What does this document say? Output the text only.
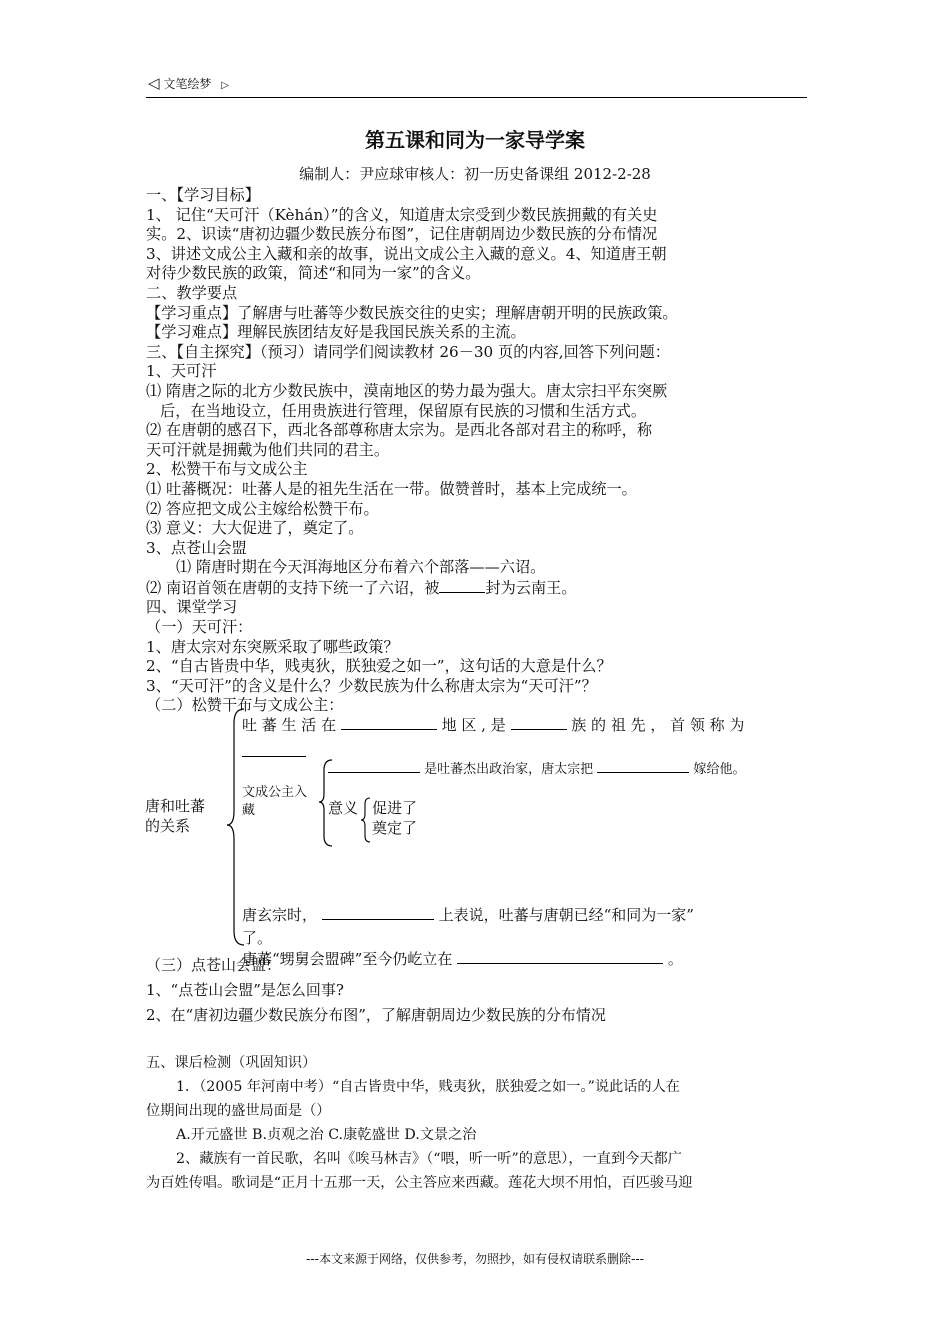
◁ 文笔绘梦 ▷
第五课和同为一家导学案
编制人：尹应球审核人：初一历史备课组 2012-2-28

一、【学习目标】

1、 记住“天可汗（Kèhán）”的含义，知道唐太宗受到少数民族拥戴的有关史

实。2、识读“唐初边疆少数民族分布图”，记住唐朝周边少数民族的分布情况

3、讲述文成公主入藏和亲的故事，说出文成公主入藏的意义。4、知道唐王朝

对待少数民族的政策，简述“和同为一家”的含义。

二、教学要点

【学习重点】了解唐与吐蕃等少数民族交往的史实；理解唐朝开明的民族政策。

【学习难点】理解民族团结友好是我国民族关系的主流。

三、【自主探究】（预习）请同学们阅读教材 26－30 页的内容,回答下列问题：

1、天可汗

⑴ 隋唐之际的北方少数民族中，漠南地区的势力最为强大。唐太宗扫平东突厥

后，在当地设立，任用贵族进行管理，保留原有民族的习惯和生活方式。

⑵ 在唐朝的感召下，西北各部尊称唐太宗为。是西北各部对君主的称呼，称

天可汗就是拥戴为他们共同的君主。

2、松赞干布与文成公主

⑴ 吐蕃概况：吐蕃人是的祖先生活在一带。做赞普时，基本上完成统一。

⑵ 答应把文成公主嫁给松赞干布。

⑶ 意义：大大促进了，奠定了。

3、点苍山会盟

⑴ 隋唐时期在今天洱海地区分布着六个部落——六诏。

⑵ 南诏首领在唐朝的支持下统一了六诏，被	封为云南王。

四、课堂学习

（一）天可汗：

1、唐太宗对东突厥采取了哪些政策？

2、“自古皆贵中华，贱夷狄，朕独爱之如一”，这句话的大意是什么？

3、“天可汗”的含义是什么？少数民族为什么称唐太宗为“天可汗”？

（二）松赞干布与文成公主：

唐和吐蕃的关系
吐 蕃 生 活 在	地 区 , 是	族 的 祖 先 ， 首 领 称 为
文成公主入藏
是吐蕃杰出政治家，唐太宗把	嫁给他。
意义 促进了
奠定了
唐玄宗时，	上表说，吐蕃与唐朝已经“和同为一家”
了。
唐蕃“甥舅会盟碑”至今仍屹立在	。
（三）点苍山会盟：
1、“点苍山会盟”是怎么回事?
2、在“唐初边疆少数民族分布图”，了解唐朝周边少数民族的分布情况

五、课后检测（巩固知识）

1．（2005 年河南中考）“自古皆贵中华，贱夷狄，朕独爱之如一。”说此话的人在

位期间出现的盛世局面是（）

A.开元盛世 B.贞观之治 C.康乾盛世 D.文景之治

2、藏族有一首民歌，名叫《唉马林吉》（“喂，听一听”的意思），一直到今天都广

为百姓传唱。歌词是“正月十五那一天，公主答应来西藏。莲花大坝不用怕，百匹骏马迎

---本文来源于网络，仅供参考，勿照抄，如有侵权请联系删除---
